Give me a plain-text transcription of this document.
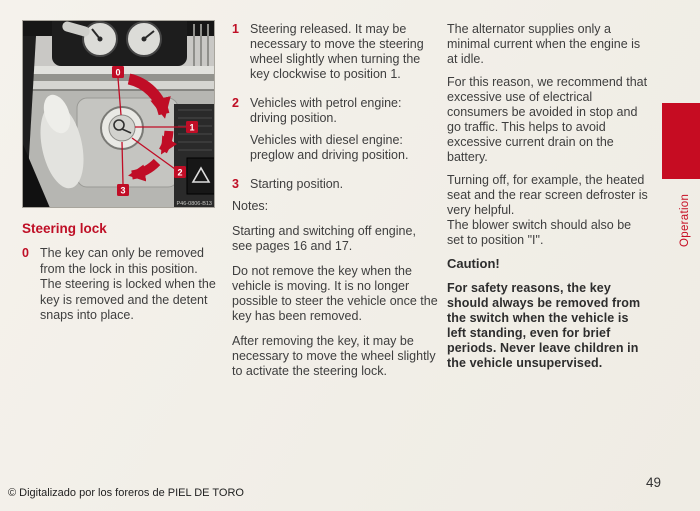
0
1
2
3
P46-0806-B13
Steering lock
0 The key can only be removed from the lock in this position. The steering is locked when the key is removed and the detent snaps into place.
1 Steering released. It may be necessary to move the steering wheel slightly when turning the key clockwise to position 1.

2 Vehicles with petrol engine: driving position.

Vehicles with diesel engine: preglow and driving position.

3 Starting position.

Notes:

Starting and switching off engine, see pages 16 and 17.

Do not remove the key when the vehicle is moving. It is no longer possible to steer the vehicle once the key has been removed.

After removing the key, it may be necessary to move the wheel slightly to activate the steering lock.

The alternator supplies only a minimal current when the engine is at idle.

For this reason, we recommend that excessive use of electrical consumers be avoided in stop and go traffic. This helps to avoid excessive current drain on the battery.

Turning off, for example, the heated seat and the rear screen defroster is very helpful.

The blower switch should also be set to position "I".

Caution!

For safety reasons, the key should always be removed from the switch when the vehicle is left standing, even for brief periods. Never leave children in the vehicle unsupervised.

Operation
49
© Digitalizado por los foreros de PIEL DE TORO
